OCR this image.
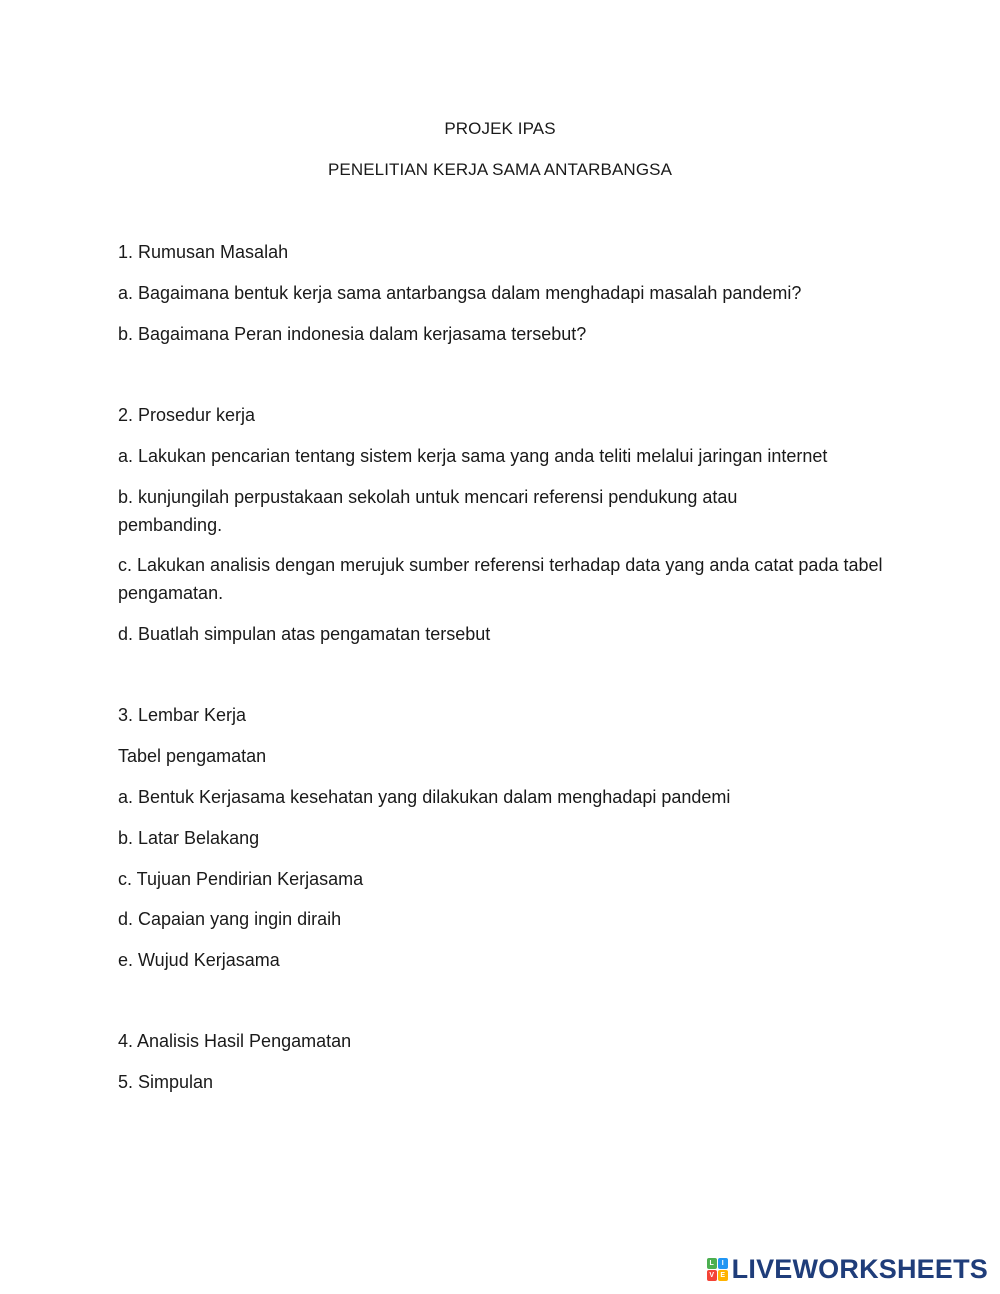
PROJEK IPAS
PENELITIAN KERJA SAMA ANTARBANGSA
1. Rumusan Masalah
a. Bagaimana bentuk kerja sama antarbangsa dalam menghadapi masalah pandemi?
b. Bagaimana Peran indonesia dalam kerjasama tersebut?
2. Prosedur kerja
a. Lakukan pencarian tentang sistem kerja sama yang anda teliti melalui jaringan internet
b. kunjungilah perpustakaan sekolah untuk mencari referensi pendukung atau pembanding.
c. Lakukan analisis dengan merujuk sumber referensi terhadap data yang anda catat pada tabel pengamatan.
d. Buatlah simpulan atas pengamatan tersebut
3. Lembar Kerja
Tabel pengamatan
a. Bentuk Kerjasama kesehatan yang dilakukan dalam menghadapi pandemi
b. Latar Belakang
c. Tujuan Pendirian Kerjasama
d. Capaian yang ingin diraih
e. Wujud Kerjasama
4. Analisis Hasil Pengamatan
5. Simpulan
L	I
V E LIVEWORKSHEETS
